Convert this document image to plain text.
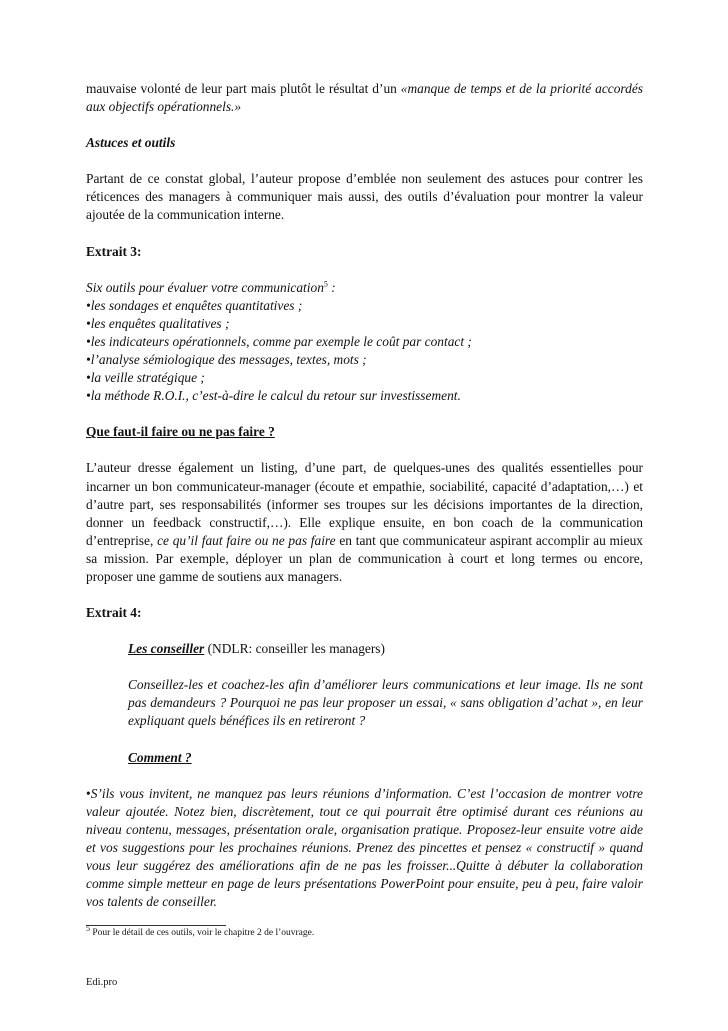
mauvaise volonté de leur part mais plutôt le résultat d’un «manque de temps et de la priorité accordés aux objectifs opérationnels.»

Astuces et outils

Partant de ce constat global, l’auteur propose d’emblée non seulement des astuces pour contrer les réticences des managers à communiquer mais aussi, des outils d’évaluation pour montrer la valeur ajoutée de la communication interne.

Extrait 3:

Six outils pour évaluer votre communication$^5$ :

•les sondages et enquêtes quantitatives ;
•les enquêtes qualitatives ;
•les indicateurs opérationnels, comme par exemple le coût par contact ;
•l’analyse sémiologique des messages, textes, mots ;
•la veille stratégique ;
•la méthode R.O.I., c’est-à-dire le calcul du retour sur investissement.

Que faut-il faire ou ne pas faire ?

L’auteur dresse également un listing, d’une part, de quelques-unes des qualités essentielles pour incarner un bon communicateur-manager (écoute et empathie, sociabilité, capacité d’adaptation,…) et d’autre part, ses responsabilités (informer ses troupes sur les décisions importantes de la direction, donner un feedback constructif,…). Elle explique ensuite, en bon coach de la communication d’entreprise, ce qu’il faut faire ou ne pas faire en tant que communicateur aspirant accomplir au mieux sa mission. Par exemple, déployer un plan de communication à court et long termes ou encore, proposer une gamme de soutiens aux managers.

Extrait 4:

Les conseiller (NDLR: conseiller les managers)

Conseillez-les et coachez-les afin d’améliorer leurs communications et leur image. Ils ne sont pas demandeurs ? Pourquoi ne pas leur proposer un essai, « sans obligation d’achat », en leur expliquant quels bénéfices ils en retireront ?

Comment ?

•S’ils vous invitent, ne manquez pas leurs réunions d’information. C’est l’occasion de montrer votre valeur ajoutée. Notez bien, discrètement, tout ce qui pourrait être optimisé durant ces réunions au niveau contenu, messages, présentation orale, organisation pratique. Proposez-leur ensuite votre aide et vos suggestions pour les prochaines réunions. Prenez des pincettes et pensez « constructif » quand vous leur suggérez des améliorations afin de ne pas les froisser...Quitte à débuter la collaboration comme simple metteur en page de leurs présentations PowerPoint pour ensuite, peu à peu, faire valoir vos talents de conseiller.

$^5$ Pour le détail de ces outils, voir le chapitre 2 de l’ouvrage.
Edi.pro
